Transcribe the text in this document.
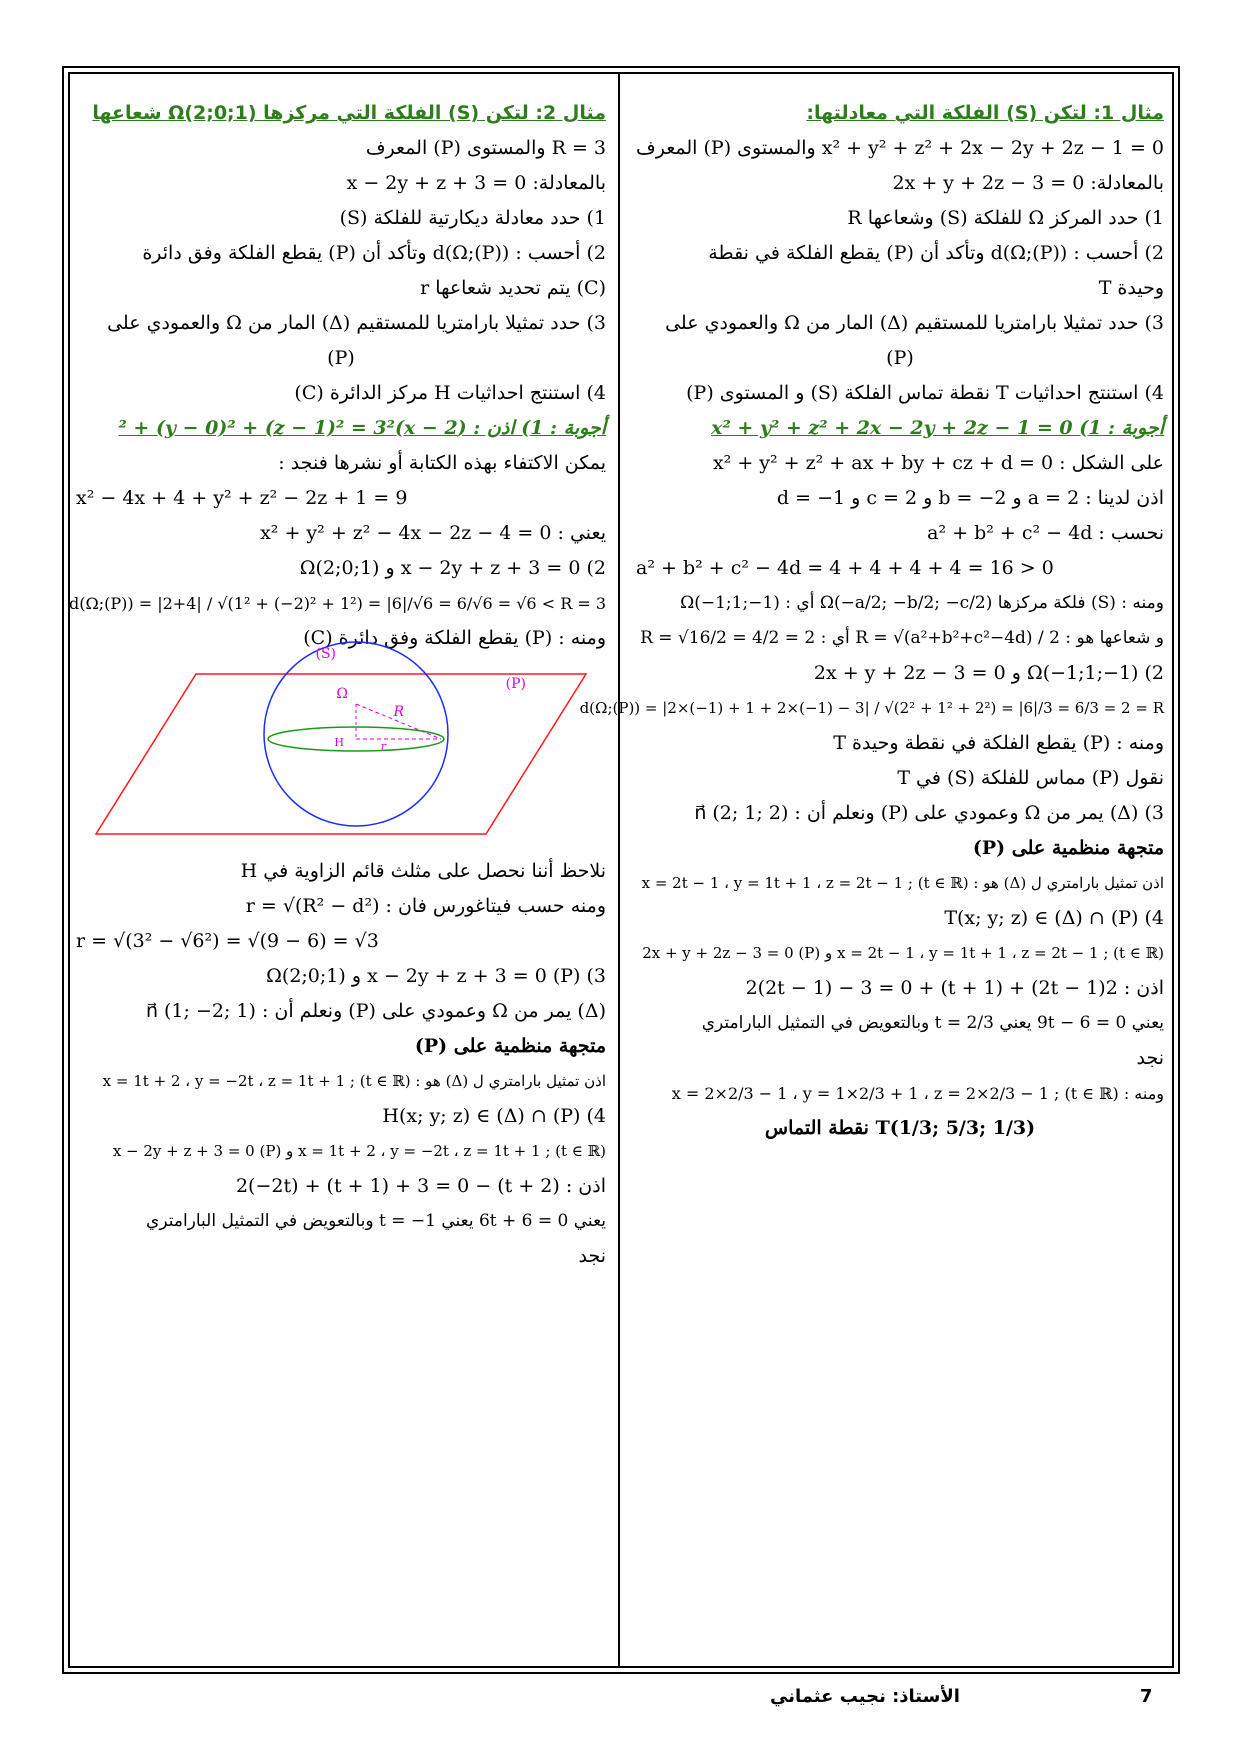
مثال 1: لتكن (S) الفلكة التي معادلتها:
x² + y² + z² + 2x − 2y + 2z − 1 = 0 والمستوى (P) المعرف
بالمعادلة: 2x + y + 2z − 3 = 0
1) حدد المركز Ω للفلكة (S) وشعاعها R
2) أحسب : d(Ω;(P)) وتأكد أن (P) يقطع الفلكة في نقطة
وحيدة T
3) حدد تمثيلا بارامتريا للمستقيم (Δ) المار من Ω والعمودي على
(P)
4) استنتج احداثيات T نقطة تماس الفلكة (S) و المستوى (P)
أجوبة : 1) x² + y² + z² + 2x − 2y + 2z − 1 = 0
على الشكل : x² + y² + z² + ax + by + cz + d = 0
اذن لدينا : a = 2 و b = −2 و c = 2 و d = −1
نحسب : a² + b² + c² − 4d
a² + b² + c² − 4d = 4 + 4 + 4 + 4 = 16 > 0
ومنه : (S) فلكة مركزها Ω(−a/2; −b/2; −c/2) أي : Ω(−1;1;−1)
و شعاعها هو : R = √(a²+b²+c²−4d) / 2 أي : R = √16/2 = 4/2 = 2
2) Ω(−1;1;−1) و 2x + y + 2z − 3 = 0
d(Ω;(P)) = |2×(−1) + 1 + 2×(−1) − 3| / √(2² + 1² + 2²) = |6|/3 = 6/3 = 2 = R
ومنه : (P) يقطع الفلكة في نقطة وحيدة T
نقول (P) مماس للفلكة (S) في T
3) (Δ) يمر من Ω وعمودي على (P) ونعلم أن : n⃗ (2; 1; 2)
متجهة منظمية على (P)
اذن تمثيل بارامتري ل (Δ) هو : x = 2t − 1 ، y = 1t + 1 ، z = 2t − 1 ; (t ∈ ℝ)
4) T(x; y; z) ∈ (Δ) ∩ (P)
x = 2t − 1 ، y = 1t + 1 ، z = 2t − 1 ; (t ∈ ℝ) و (P) 2x + y + 2z − 3 = 0
اذن : 2(2t − 1) + (t + 1) + 2(2t − 1) − 3 = 0
يعني 9t − 6 = 0 يعني t = 2/3 وبالتعويض في التمثيل البارامتري
نجد
ومنه : x = 2×2/3 − 1 ، y = 1×2/3 + 1 ، z = 2×2/3 − 1 ; (t ∈ ℝ)
T(1/3; 5/3; 1/3) نقطة التماس
مثال 2: لتكن (S) الفلكة التي مركزها Ω(2;0;1) شعاعها
R = 3 والمستوى (P) المعرف
بالمعادلة: x − 2y + z + 3 = 0
1) حدد معادلة ديكارتية للفلكة (S)
2) أحسب : d(Ω;(P)) وتأكد أن (P) يقطع الفلكة وفق دائرة
(C) يتم تحديد شعاعها r
3) حدد تمثيلا بارامتريا للمستقيم (Δ) المار من Ω والعمودي على
(P)
4) استنتج احداثيات H مركز الدائرة (C)
أجوبة : 1) اذن : (x − 2)² + (y − 0)² + (z − 1)² = 3²
يمكن الاكتفاء بهذه الكتابة أو نشرها فنجد :
x² − 4x + 4 + y² + z² − 2z + 1 = 9
يعني : x² + y² + z² − 4x − 2z − 4 = 0
2) x − 2y + z + 3 = 0 و Ω(2;0;1)
d(Ω;(P)) = |2+4| / √(1² + (−2)² + 1²) = |6|/√6 = 6/√6 = √6 < R = 3
ومنه : (P) يقطع الفلكة وفق دائرة (C)
(S)
(P)
Ω
R
H	r
نلاحظ أننا نحصل على مثلث قائم الزاوية في H
ومنه حسب فيتاغورس فان : r = √(R² − d²)
r = √(3² − √6²) = √(9 − 6) = √3
3) x − 2y + z + 3 = 0 (P) و Ω(2;0;1)
(Δ) يمر من Ω وعمودي على (P) ونعلم أن : n⃗ (1; −2; 1)
متجهة منظمية على (P)
اذن تمثيل بارامتري ل (Δ) هو : x = 1t + 2 ، y = −2t ، z = 1t + 1 ; (t ∈ ℝ)
4) H(x; y; z) ∈ (Δ) ∩ (P)
x = 1t + 2 ، y = −2t ، z = 1t + 1 ; (t ∈ ℝ) و (P) x − 2y + z + 3 = 0
اذن : (t + 2) − 2(−2t) + (t + 1) + 3 = 0
يعني 6t + 6 = 0 يعني t = −1 وبالتعويض في التمثيل البارامتري
نجد
7
الأستاذ: نجيب عثماني
